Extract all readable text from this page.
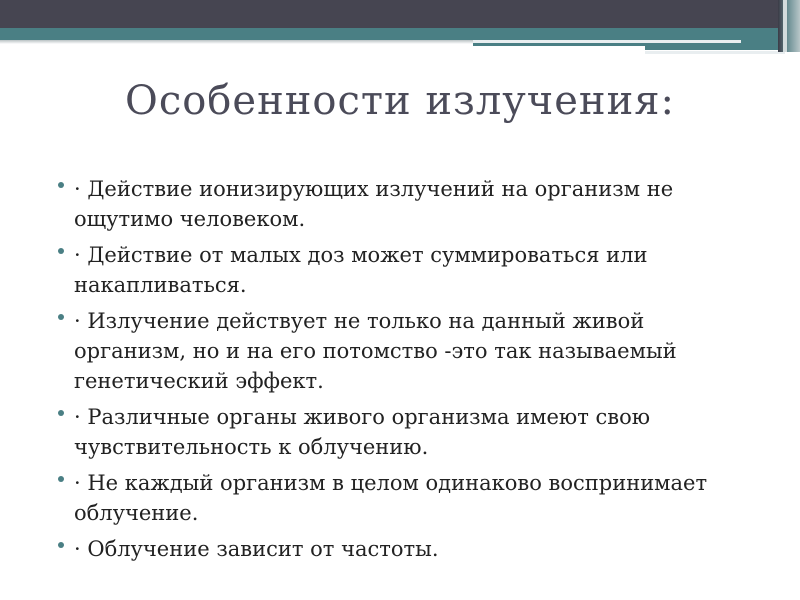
Особенности излучения:
· Действие ионизирующих излучений на организм не ощутимо человеком.
· Действие от малых доз может суммироваться или накапливаться.
· Излучение действует не только на данный живой организм, но и на его потомство -это так называемый генетический эффект.
· Различные органы живого организма имеют свою чувствительность к облучению.
· Не каждый организм в целом одинаково воспринимает облучение.
· Облучение зависит от частоты.
